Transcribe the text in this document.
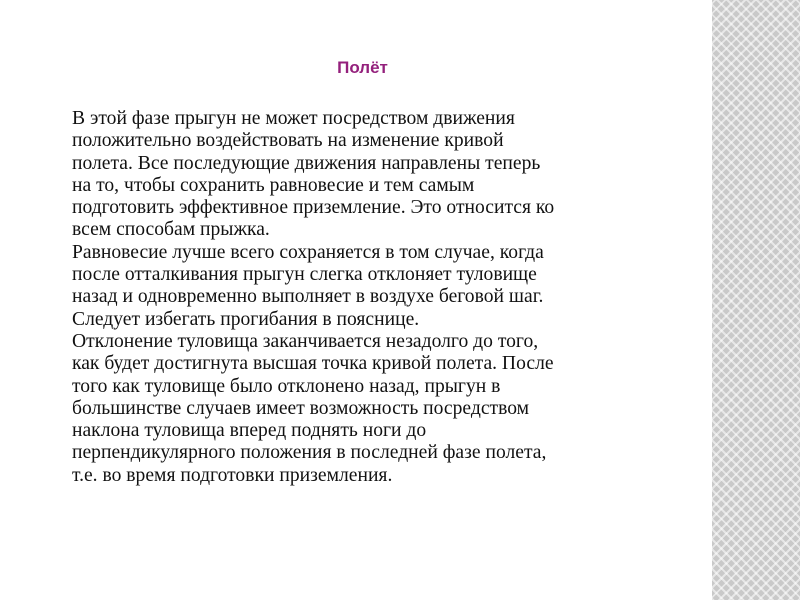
Полёт

В этой фазе прыгун не может посредством движения
положительно воздействовать на изменение кривой
полета. Все последующие движения направлены теперь
на то, чтобы сохранить равновесие и тем самым
подготовить эффективное приземление. Это относится ко
всем способам прыжка.
Равновесие лучше всего сохраняется в том случае, когда
после отталкивания прыгун слегка отклоняет туловище
назад и одновременно выполняет в воздухе беговой шаг.
Следует избегать прогибания в пояснице.
Отклонение туловища заканчивается незадолго до того,
как будет достигнута высшая точка кривой полета. После
того как туловище было отклонено назад, прыгун в
большинстве случаев имеет возможность посредством
наклона туловища вперед поднять ноги до
перпендикулярного положения в последней фазе полета,
т.е. во время подготовки приземления.
